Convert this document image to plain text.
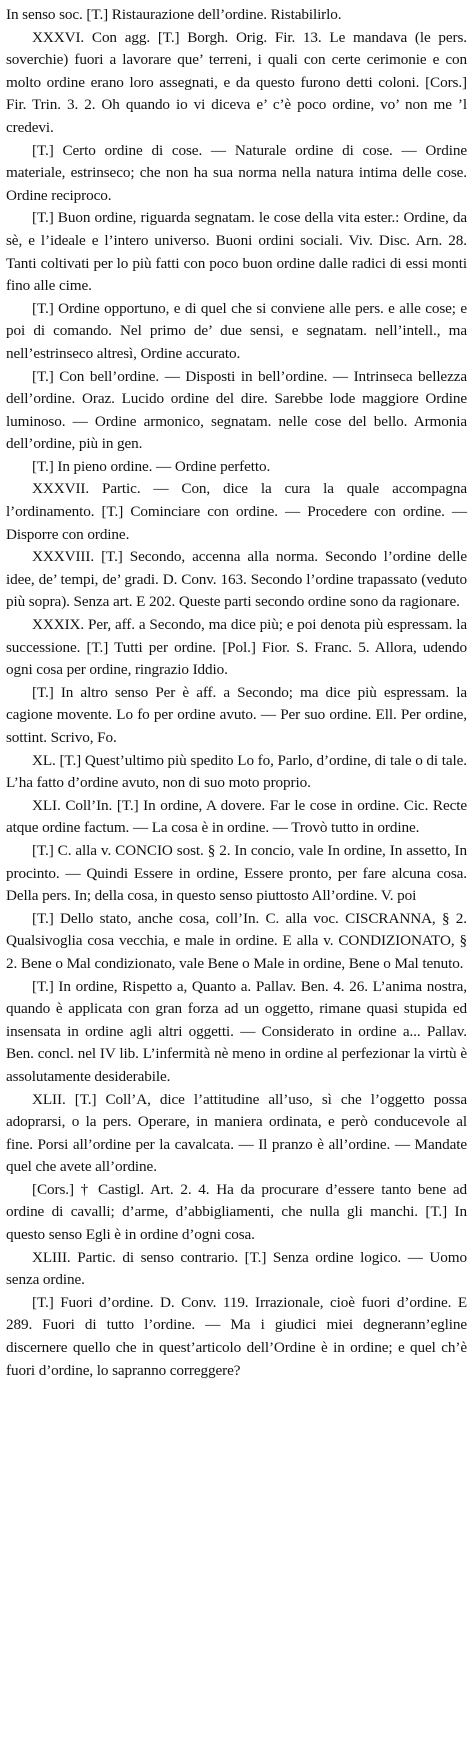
In senso soc. [T.] Ristaurazione dell’ordine. Ristabilirlo.

XXXVI. Con agg. [T.] Borgh. Orig. Fir. 13. Le mandava (le pers. soverchie) fuori a lavorare que’ terreni, i quali con certe cerimonie e con molto ordine erano loro assegnati, e da questo furono detti coloni. [Cors.] Fir. Trin. 3. 2. Oh quando io vi diceva e’ c’è poco ordine, vo’ non me ’l credevi.

[T.] Certo ordine di cose. — Naturale ordine di cose. — Ordine materiale, estrinseco; che non ha sua norma nella natura intima delle cose. Ordine reciproco.

[T.] Buon ordine, riguarda segnatam. le cose della vita ester.: Ordine, da sè, e l’ideale e l’intero universo. Buoni ordini sociali. Viv. Disc. Arn. 28. Tanti coltivati per lo più fatti con poco buon ordine dalle radici di essi monti fino alle cime.

[T.] Ordine opportuno, e di quel che si conviene alle pers. e alle cose; e poi di comando. Nel primo de’ due sensi, e segnatam. nell’intell., ma nell’estrinseco altresì, Ordine accurato.

[T.] Con bell’ordine. — Disposti in bell’ordine. — Intrinseca bellezza dell’ordine. Oraz. Lucido ordine del dire. Sarebbe lode maggiore Ordine luminoso. — Ordine armonico, segnatam. nelle cose del bello. Armonia dell’ordine, più in gen.

[T.] In pieno ordine. — Ordine perfetto.

XXXVII. Partic. — Con, dice la cura la quale accompagna l’ordinamento. [T.] Cominciare con ordine. — Procedere con ordine. — Disporre con ordine.

XXXVIII. [T.] Secondo, accenna alla norma. Secondo l’ordine delle idee, de’ tempi, de’ gradi. D. Conv. 163. Secondo l’ordine trapassato (veduto più sopra). Senza art. E 202. Queste parti secondo ordine sono da ragionare.

XXXIX. Per, aff. a Secondo, ma dice più; e poi denota più espressam. la successione. [T.] Tutti per ordine. [Pol.] Fior. S. Franc. 5. Allora, udendo ogni cosa per ordine, ringrazio Iddio.

[T.] In altro senso Per è aff. a Secondo; ma dice più espressam. la cagione movente. Lo fo per ordine avuto. — Per suo ordine. Ell. Per ordine, sottint. Scrivo, Fo.

XL. [T.] Quest’ultimo più spedito Lo fo, Parlo, d’ordine, di tale o di tale. L’ha fatto d’ordine avuto, non di suo moto proprio.

XLI. Coll’In. [T.] In ordine, A dovere. Far le cose in ordine. Cic. Recte atque ordine factum. — La cosa è in ordine. — Trovò tutto in ordine.

[T.] C. alla v. CONCIO sost. § 2. In concio, vale In ordine, In assetto, In procinto. — Quindi Essere in ordine, Essere pronto, per fare alcuna cosa. Della pers. In; della cosa, in questo senso piuttosto All’ordine. V. poi

[T.] Dello stato, anche cosa, coll’In. C. alla voc. CISCRANNA, § 2. Qualsivoglia cosa vecchia, e male in ordine. E alla v. CONDIZIONATO, § 2. Bene o Mal condizionato, vale Bene o Male in ordine, Bene o Mal tenuto.

[T.] In ordine, Rispetto a, Quanto a. Pallav. Ben. 4. 26. L’anima nostra, quando è applicata con gran forza ad un oggetto, rimane quasi stupida ed insensata in ordine agli altri oggetti. — Considerato in ordine a... Pallav. Ben. concl. nel IV lib. L’infermità nè meno in ordine al perfezionar la virtù è assolutamente desiderabile.

XLII. [T.] Coll’A, dice l’attitudine all’uso, sì che l’oggetto possa adoprarsi, o la pers. Operare, in maniera ordinata, e però conducevole al fine. Porsi all’ordine per la cavalcata. — Il pranzo è all’ordine. — Mandate quel che avete all’ordine.

[Cors.] † Castigl. Art. 2. 4. Ha da procurare d’essere tanto bene ad ordine di cavalli; d’arme, d’abbigliamenti, che nulla gli manchi. [T.] In questo senso Egli è in ordine d’ogni cosa.

XLIII. Partic. di senso contrario. [T.] Senza ordine logico. — Uomo senza ordine.

[T.] Fuori d’ordine. D. Conv. 119. Irrazionale, cioè fuori d’ordine. E 289. Fuori di tutto l’ordine. — Ma i giudici miei degnerann’egline discernere quello che in quest’articolo dell’Ordine è in ordine; e quel ch’è fuori d’ordine, lo sapranno correggere?
